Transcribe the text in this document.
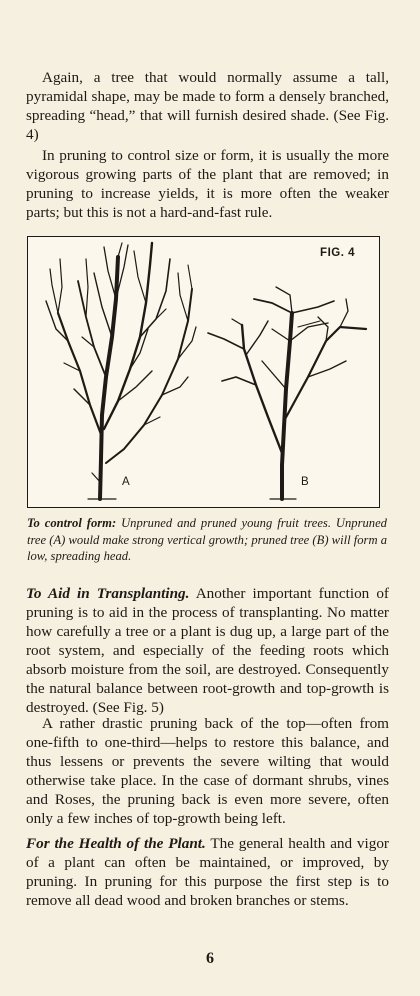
Again, a tree that would normally assume a tall, pyramidal shape, may be made to form a densely branched, spreading “head,” that will furnish desired shade. (See Fig. 4)

In pruning to control size or form, it is usually the more vigorous growing parts of the plant that are removed; in pruning to increase yields, it is more often the weaker parts; but this is not a hard-and-fast rule.

FIG. 4
A	B

To control form: Unpruned and pruned young fruit trees. Unpruned tree (A) would make strong vertical growth; pruned tree (B) will form a low, spreading head.

To Aid in Transplanting. Another important function of pruning is to aid in the process of transplanting. No matter how carefully a tree or a plant is dug up, a large part of the root system, and especially of the feeding roots which absorb moisture from the soil, are destroyed. Consequently the natural balance between root-growth and top-growth is destroyed. (See Fig. 5)

A rather drastic pruning back of the top—often from one-fifth to one-third—helps to restore this balance, and thus lessens or prevents the severe wilting that would otherwise take place. In the case of dormant shrubs, vines and Roses, the pruning back is even more severe, often only a few inches of top-growth being left.

For the Health of the Plant. The general health and vigor of a plant can often be maintained, or improved, by pruning. In pruning for this purpose the first step is to remove all dead wood and broken branches or stems.

6
